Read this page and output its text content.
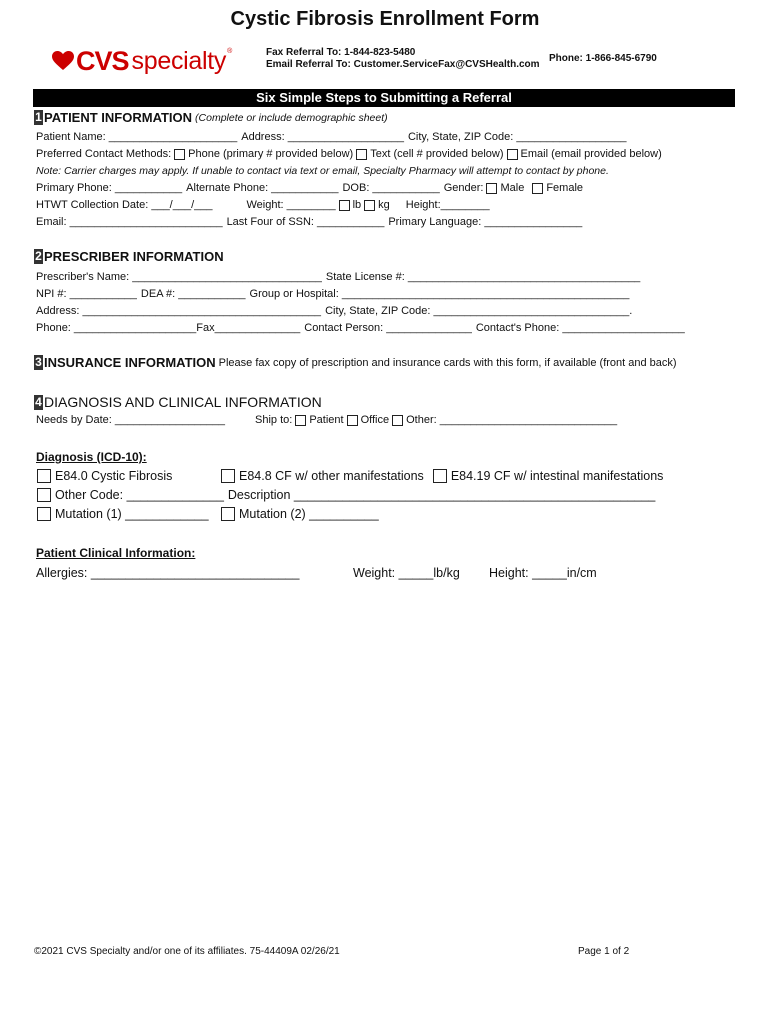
Cystic Fibrosis Enrollment Form
CVS specialty ®	Fax Referral To: 1-844-823-5480
Email Referral To: Customer.ServiceFax@CVSHealth.com
Phone: 1-866-845-6790
Six Simple Steps to Submitting a Referral
1 PATIENT INFORMATION (Complete or include demographic sheet)
Patient Name: _____________________ Address: ___________________ City, State, ZIP Code: __________________
Preferred Contact Methods: Phone (primary # provided below) Text (cell # provided below) Email (email provided below)
Note: Carrier charges may apply. If unable to contact via text or email, Specialty Pharmacy will attempt to contact by phone.
Primary Phone: ___________ Alternate Phone: ___________ DOB: ___________ Gender: Male Female
HTWT Collection Date: ___/___/___	Weight: ________ lb kg Height:________
Email: _________________________ Last Four of SSN: ___________ Primary Language: ________________
2 PRESCRIBER INFORMATION
Prescriber's Name: _______________________________ State License #: ______________________________________
NPI #: ___________ DEA #: ___________ Group or Hospital: _______________________________________________
Address: _______________________________________ City, State, ZIP Code: ________________________________.
Phone: ____________________Fax______________ Contact Person: ______________ Contact's Phone: ____________________
3 INSURANCE INFORMATION Please fax copy of prescription and insurance cards with this form, if available (front and back)
4 DIAGNOSIS AND CLINICAL INFORMATION
Needs by Date: __________________	Ship to: Patient Office Other: _____________________________
Diagnosis (ICD-10):
E84.0 Cystic Fibrosis	E84.8 CF w/ other manifestations E84.19 CF w/ intestinal manifestations
Other Code: ______________ Description ____________________________________________________
Mutation (1) ____________ Mutation (2) __________
Patient Clinical Information:
Allergies: ______________________________	Weight: _____lb/kg Height: _____in/cm
©2021 CVS Specialty and/or one of its affiliates. 75-44409A 02/26/21	Page 1 of 2
